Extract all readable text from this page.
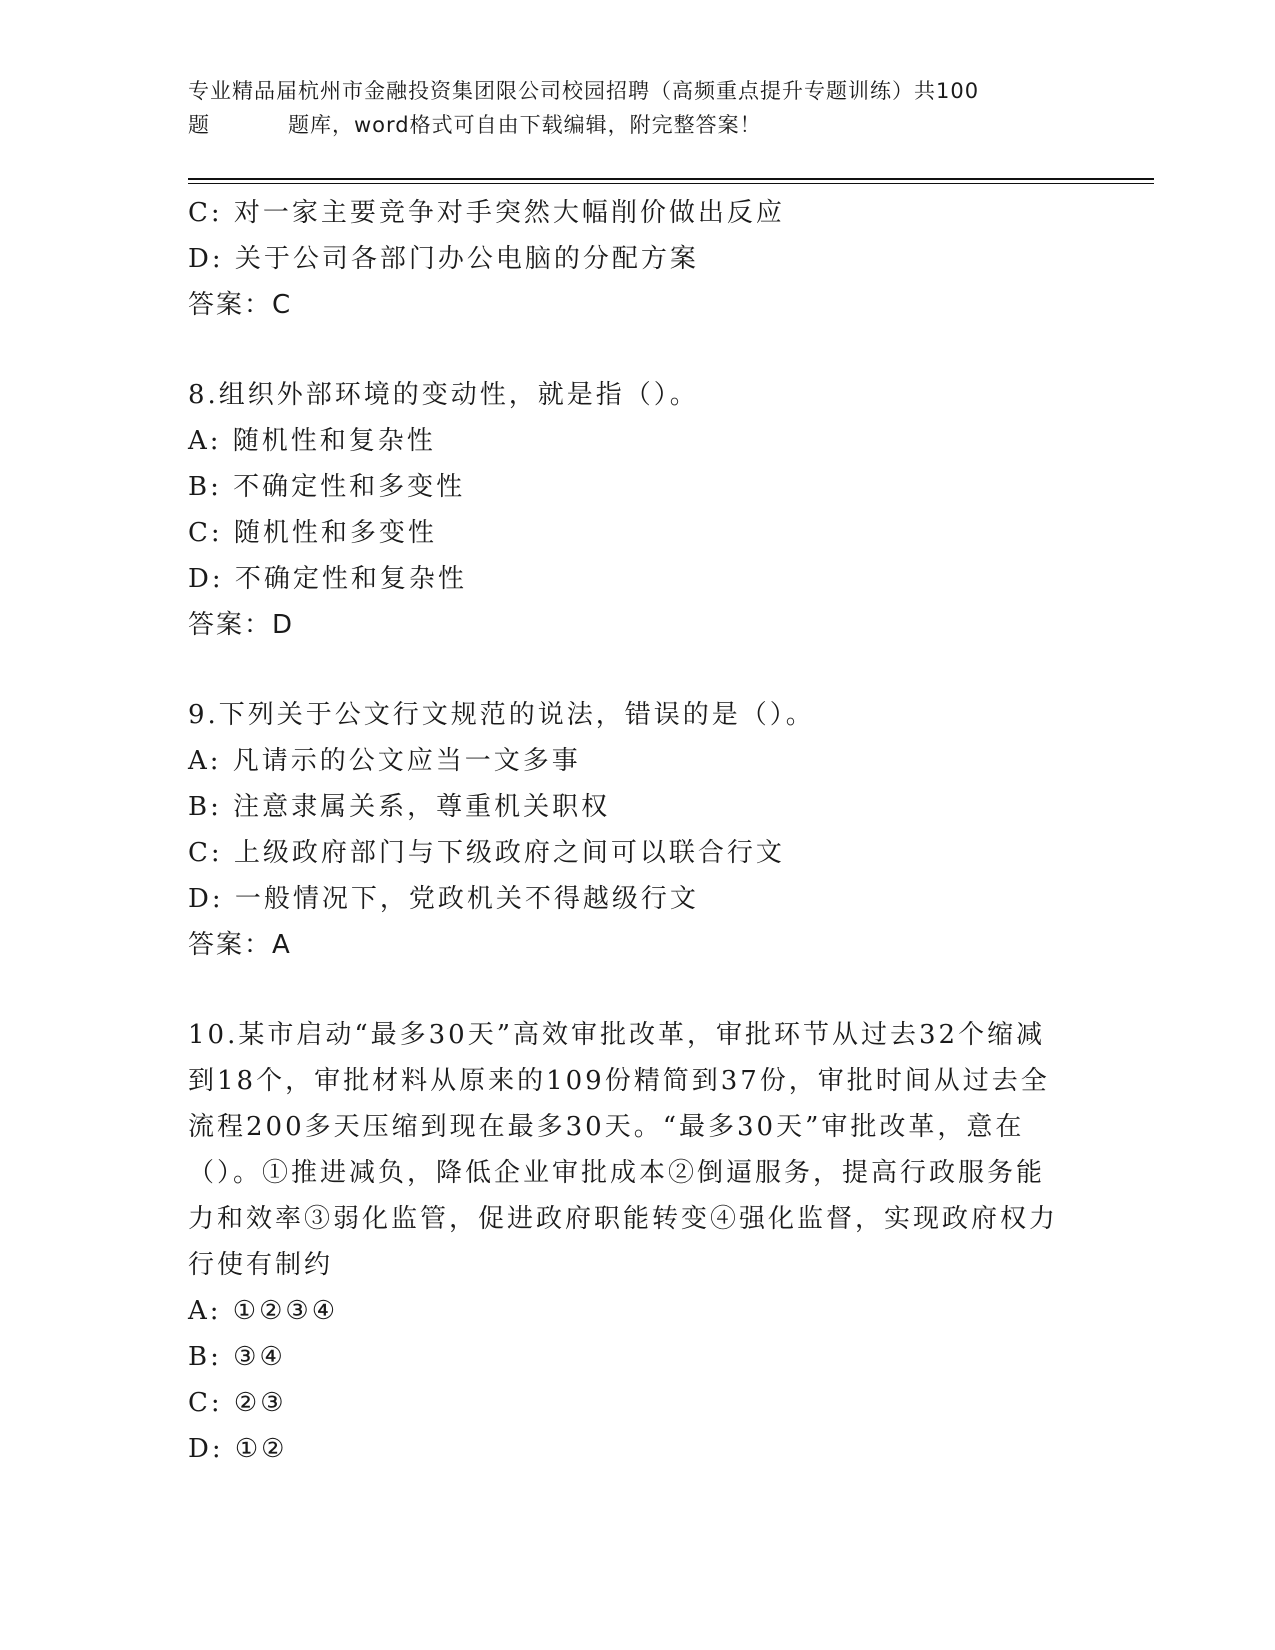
专业精品届杭州市金融投资集团限公司校园招聘（高频重点提升专题训练）共100
题	题库，word格式可自由下载编辑，附完整答案！
C: 对一家主要竞争对手突然大幅削价做出反应
D: 关于公司各部门办公电脑的分配方案
答案：C
8.组织外部环境的变动性，就是指（）。
A: 随机性和复杂性
B: 不确定性和多变性
C: 随机性和多变性
D: 不确定性和复杂性
答案：D
9.下列关于公文行文规范的说法，错误的是（）。
A: 凡请示的公文应当一文多事
B: 注意隶属关系，尊重机关职权
C: 上级政府部门与下级政府之间可以联合行文
D: 一般情况下，党政机关不得越级行文
答案：A
10.某市启动“最多30天”高效审批改革，审批环节从过去32个缩减
到18个，审批材料从原来的109份精简到37份，审批时间从过去全
流程200多天压缩到现在最多30天。“最多30天”审批改革，意在
（）。①推进减负，降低企业审批成本②倒逼服务，提高行政服务能
力和效率③弱化监管，促进政府职能转变④强化监督，实现政府权力
行使有制约
A: ①②③④
B: ③④
C: ②③
D: ①②
